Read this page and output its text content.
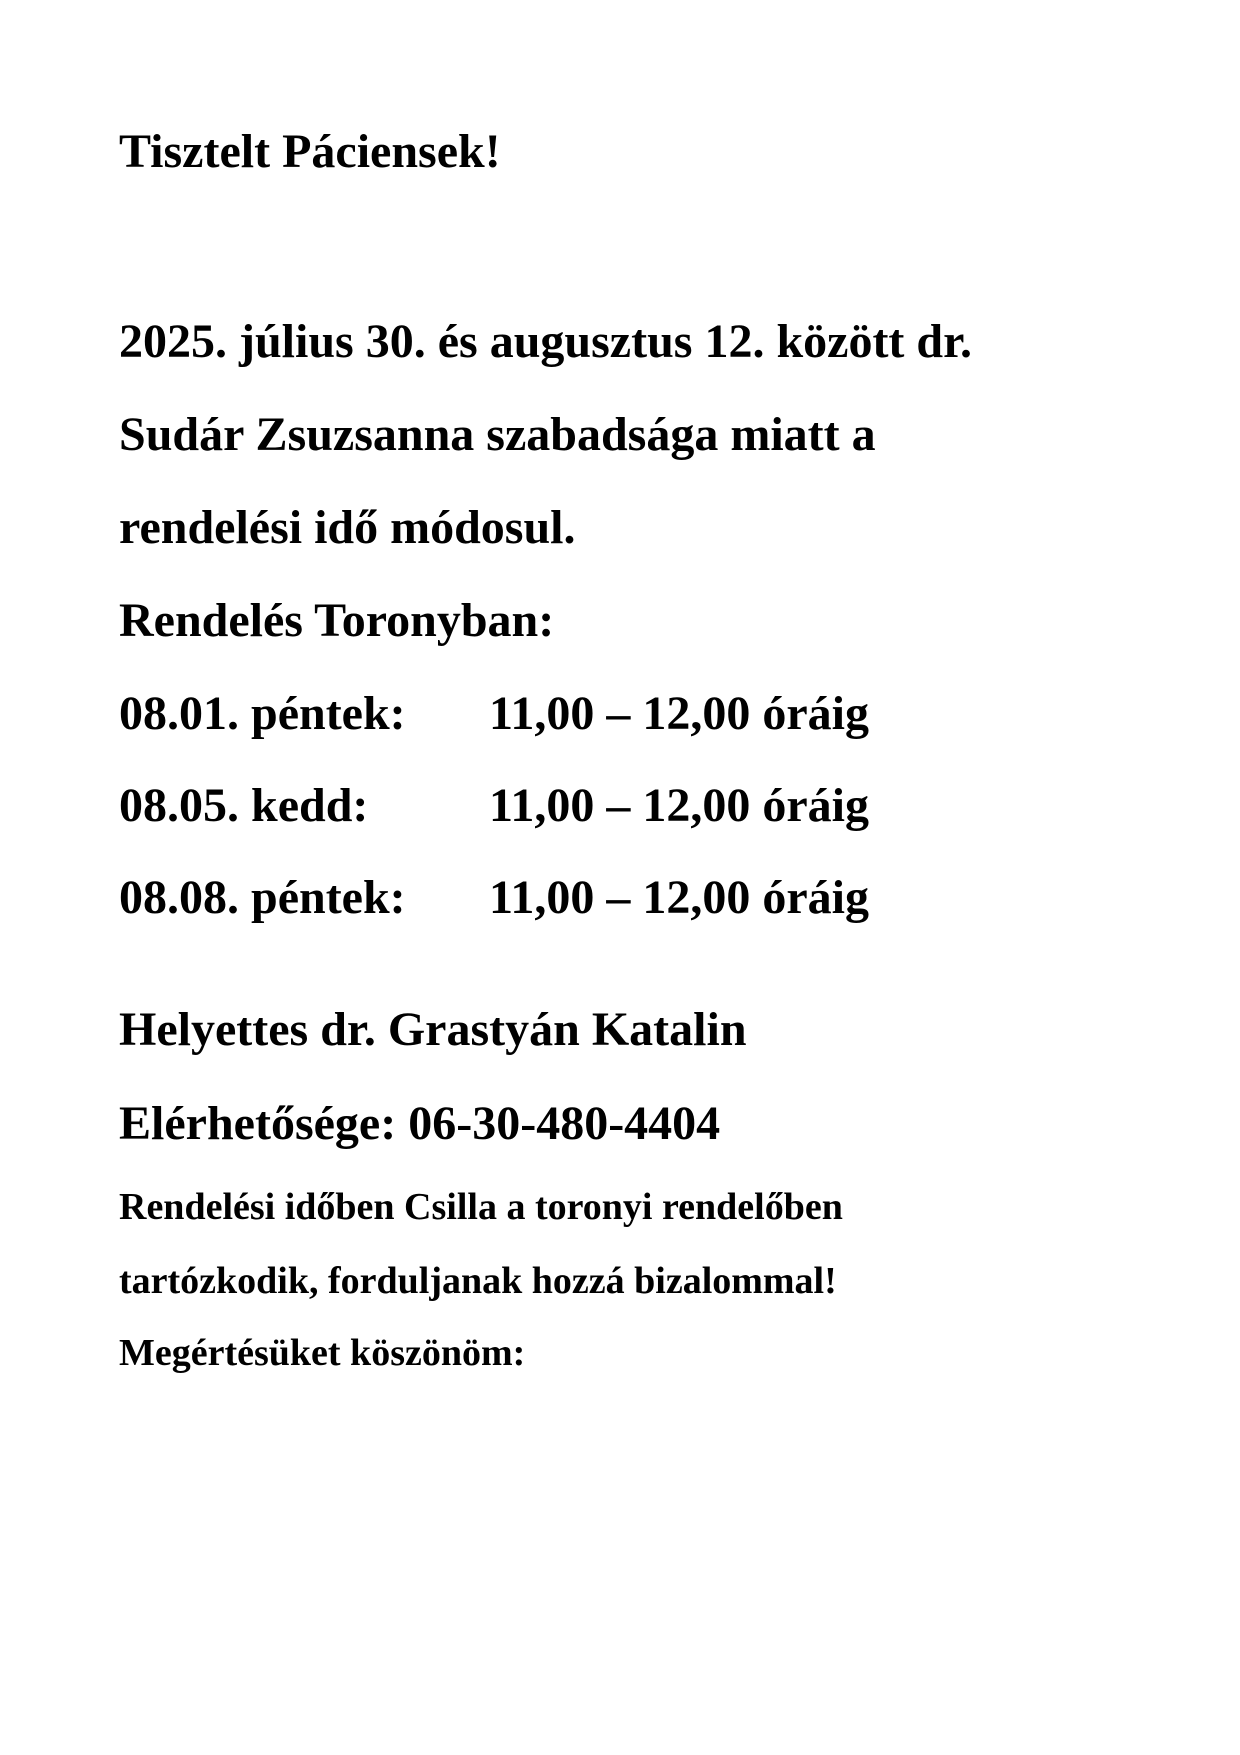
Tisztelt Páciensek!
2025. július 30. és augusztus 12. között dr.
Sudár Zsuzsanna szabadsága miatt a
rendelési idő módosul.
Rendelés Toronyban:
08.01. péntek: 11,00 – 12,00 óráig
08.05. kedd:	11,00 – 12,00 óráig
08.08. péntek: 11,00 – 12,00 óráig
Helyettes dr. Grastyán Katalin
Elérhetősége: 06-30-480-4404
Rendelési időben Csilla a toronyi rendelőben
tartózkodik, forduljanak hozzá bizalommal!
Megértésüket köszönöm:
